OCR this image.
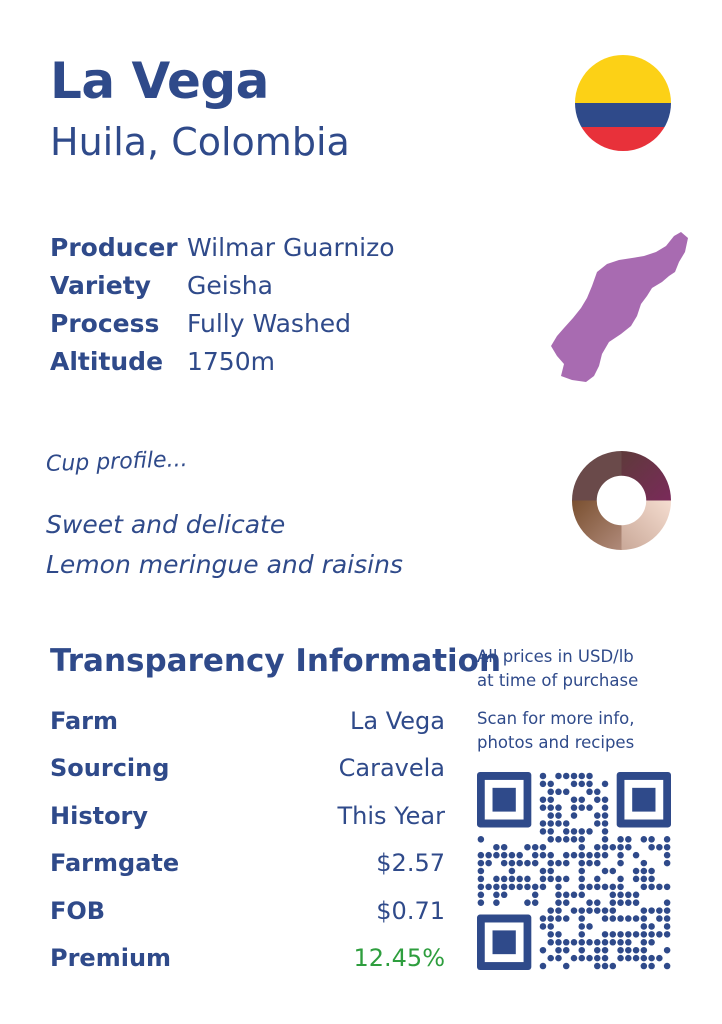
La Vega
Huila, Colombia
Producer Wilmar Guarnizo
Variety	Geisha
Process	Fully Washed
Altitude 1750m
Cup profile...
Sweet and delicate
Lemon meringue and raisins
Transparency Information
Farm	La Vega
Sourcing	Caravela
History	This Year
Farmgate	$2.57
FOB	$0.71
Premium	12.45%
All prices in USD/lb
at time of purchase
Scan for more info,
photos and recipes
